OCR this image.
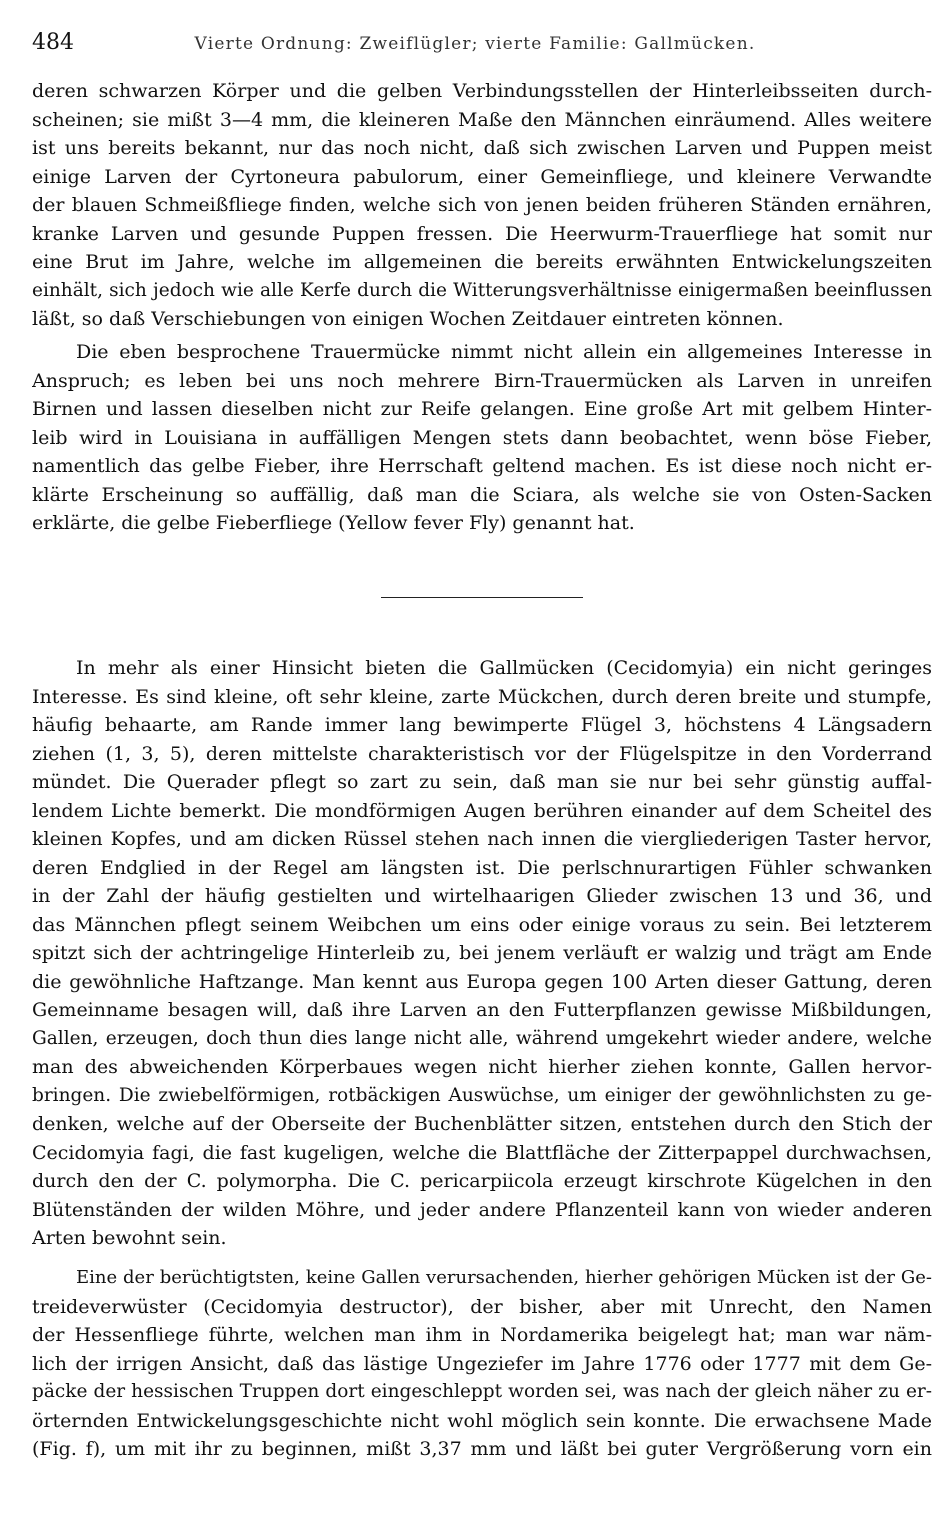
484	Vierte Ordnung: Zweiflügler; vierte Familie: Gallmücken.
deren schwarzen Körper und die gelben Verbindungsstellen der Hinterleibsseiten durch-
scheinen; sie mißt 3—4 mm, die kleineren Maße den Männchen einräumend. Alles weitere
ist uns bereits bekannt, nur das noch nicht, daß sich zwischen Larven und Puppen meist
einige Larven der Cyrtoneura pabulorum, einer Gemeinfliege, und kleinere Verwandte
der blauen Schmeißfliege finden, welche sich von jenen beiden früheren Ständen ernähren,
kranke Larven und gesunde Puppen fressen. Die Heerwurm-Trauerfliege hat somit nur
eine Brut im Jahre, welche im allgemeinen die bereits erwähnten Entwickelungszeiten
einhält, sich jedoch wie alle Kerfe durch die Witterungsverhältnisse einigermaßen beeinflussen
läßt, so daß Verschiebungen von einigen Wochen Zeitdauer eintreten können.
Die eben besprochene Trauermücke nimmt nicht allein ein allgemeines Interesse in
Anspruch; es leben bei uns noch mehrere Birn-Trauermücken als Larven in unreifen
Birnen und lassen dieselben nicht zur Reife gelangen. Eine große Art mit gelbem Hinter-
leib wird in Louisiana in auffälligen Mengen stets dann beobachtet, wenn böse Fieber,
namentlich das gelbe Fieber, ihre Herrschaft geltend machen. Es ist diese noch nicht er-
klärte Erscheinung so auffällig, daß man die Sciara, als welche sie von Osten-Sacken
erklärte, die gelbe Fieberfliege (Yellow fever Fly) genannt hat.
In mehr als einer Hinsicht bieten die Gallmücken (Cecidomyia) ein nicht geringes
Interesse. Es sind kleine, oft sehr kleine, zarte Mückchen, durch deren breite und stumpfe,
häufig behaarte, am Rande immer lang bewimperte Flügel 3, höchstens 4 Längsadern
ziehen (1, 3, 5), deren mittelste charakteristisch vor der Flügelspitze in den Vorderrand
mündet. Die Querader pflegt so zart zu sein, daß man sie nur bei sehr günstig auffal-
lendem Lichte bemerkt. Die mondförmigen Augen berühren einander auf dem Scheitel des
kleinen Kopfes, und am dicken Rüssel stehen nach innen die viergliederigen Taster hervor,
deren Endglied in der Regel am längsten ist. Die perlschnurartigen Fühler schwanken
in der Zahl der häufig gestielten und wirtelhaarigen Glieder zwischen 13 und 36, und
das Männchen pflegt seinem Weibchen um eins oder einige voraus zu sein. Bei letzterem
spitzt sich der achtringelige Hinterleib zu, bei jenem verläuft er walzig und trägt am Ende
die gewöhnliche Haftzange. Man kennt aus Europa gegen 100 Arten dieser Gattung, deren
Gemeinname besagen will, daß ihre Larven an den Futterpflanzen gewisse Mißbildungen,
Gallen, erzeugen, doch thun dies lange nicht alle, während umgekehrt wieder andere, welche
man des abweichenden Körperbaues wegen nicht hierher ziehen konnte, Gallen hervor-
bringen. Die zwiebelförmigen, rotbäckigen Auswüchse, um einiger der gewöhnlichsten zu ge-
denken, welche auf der Oberseite der Buchenblätter sitzen, entstehen durch den Stich der
Cecidomyia fagi, die fast kugeligen, welche die Blattfläche der Zitterpappel durchwachsen,
durch den der C. polymorpha. Die C. pericarpiicola erzeugt kirschrote Kügelchen in den
Blütenständen der wilden Möhre, und jeder andere Pflanzenteil kann von wieder anderen
Arten bewohnt sein.
Eine der berüchtigtsten, keine Gallen verursachenden, hierher gehörigen Mücken ist der Ge-
treideverwüster (Cecidomyia destructor), der bisher, aber mit Unrecht, den Namen
der Hessenfliege führte, welchen man ihm in Nordamerika beigelegt hat; man war näm-
lich der irrigen Ansicht, daß das lästige Ungeziefer im Jahre 1776 oder 1777 mit dem Ge-
päcke der hessischen Truppen dort eingeschleppt worden sei, was nach der gleich näher zu er-
örternden Entwickelungsgeschichte nicht wohl möglich sein konnte. Die erwachsene Made
(Fig. f), um mit ihr zu beginnen, mißt 3,37 mm und läßt bei guter Vergrößerung vorn ein
